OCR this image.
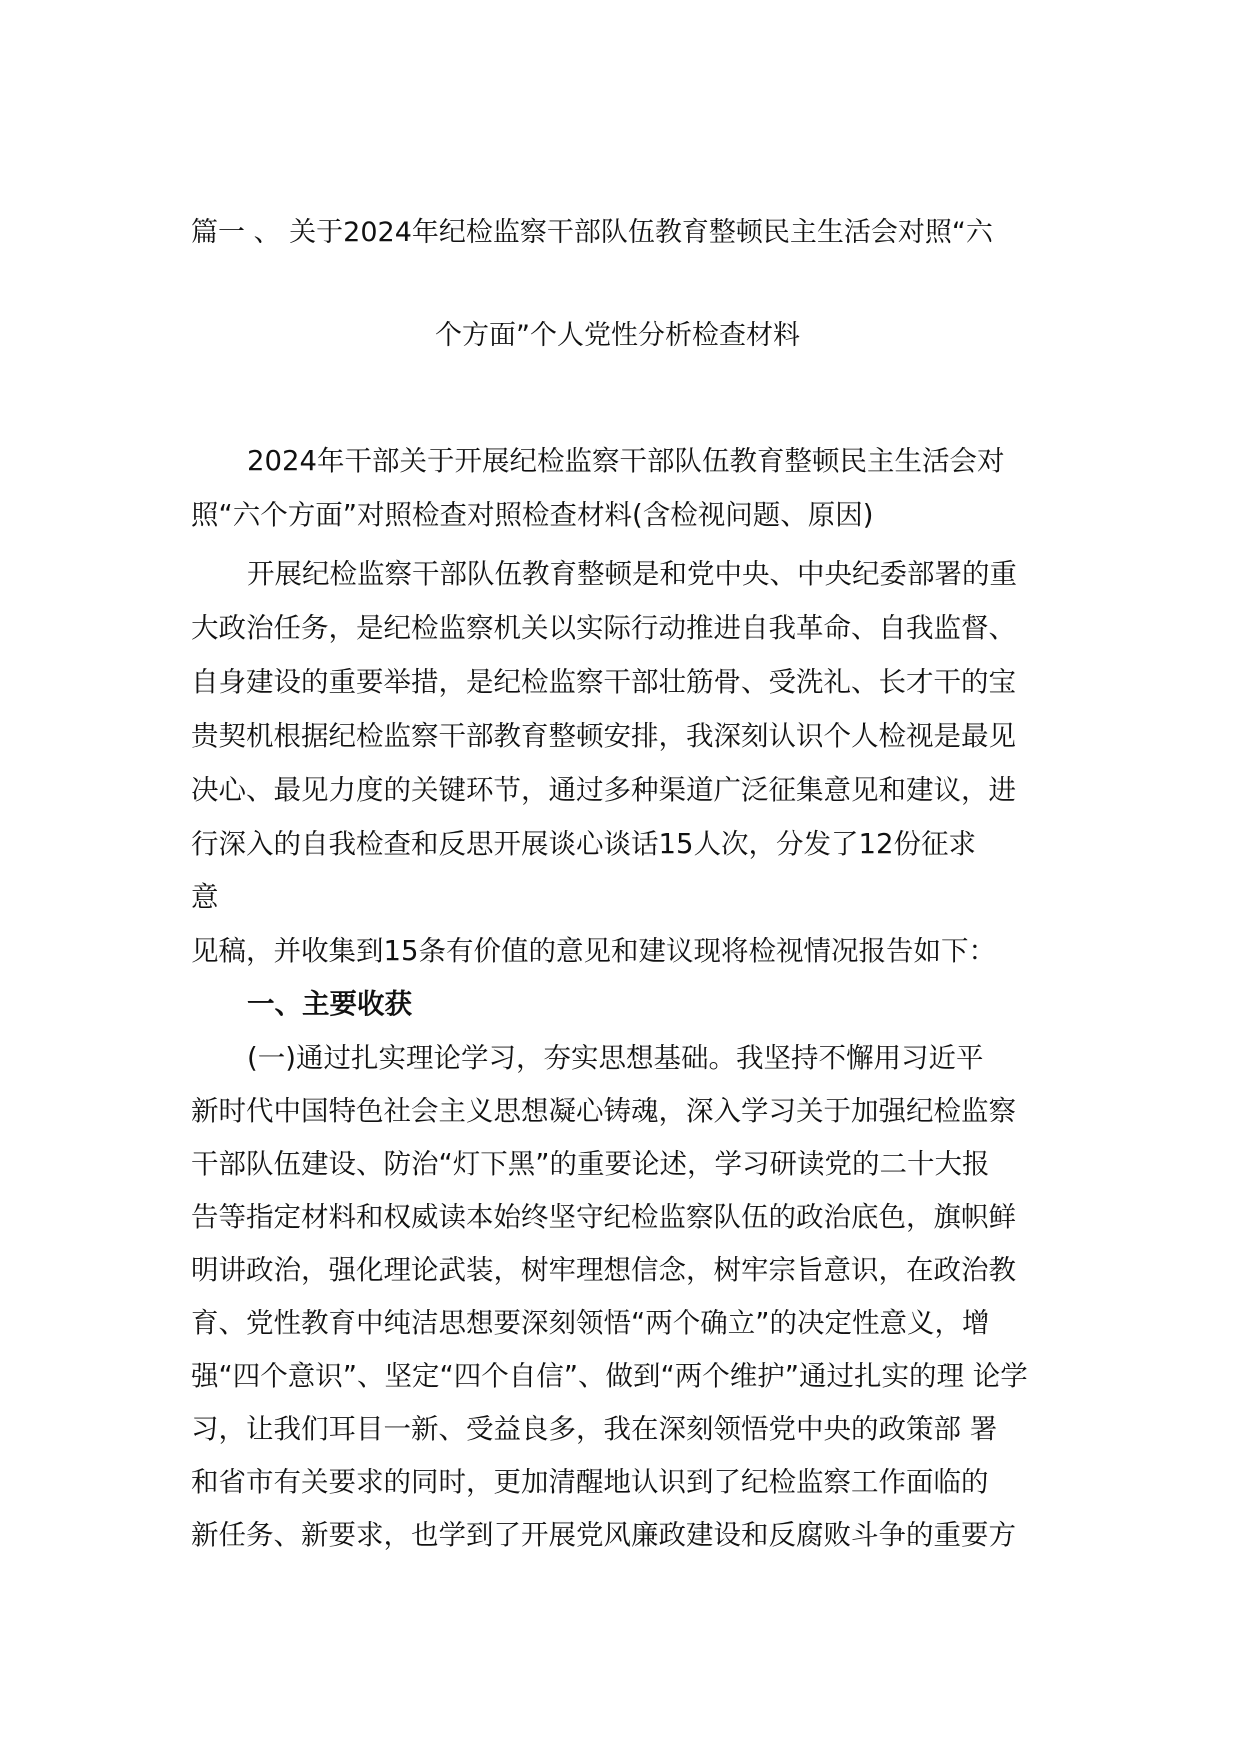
篇一 、 关于2024年纪检监察干部队伍教育整顿民主生活会对照“六
个方面”个人党性分析检查材料
2024年干部关于开展纪检监察干部队伍教育整顿民主生活会对
照“六个方面”对照检查对照检查材料(含检视问题、原因)
开展纪检监察干部队伍教育整顿是和党中央、中央纪委部署的重
大政治任务，是纪检监察机关以实际行动推进自我革命、自我监督、
自身建设的重要举措，是纪检监察干部壮筋骨、受洗礼、长才干的宝
贵契机根据纪检监察干部教育整顿安排，我深刻认识个人检视是最见
决心、最见力度的关键环节，通过多种渠道广泛征集意见和建议，进
行深入的自我检查和反思开展谈心谈话15人次，分发了12份征求
意
见稿，并收集到15条有价值的意见和建议现将检视情况报告如下：
一、主要收获
(一)通过扎实理论学习，夯实思想基础。我坚持不懈用习近平
新时代中国特色社会主义思想凝心铸魂，深入学习关于加强纪检监察
干部队伍建设、防治“灯下黑”的重要论述，学习研读党的二十大报
告等指定材料和权威读本始终坚守纪检监察队伍的政治底色，旗帜鲜
明讲政治，强化理论武装，树牢理想信念，树牢宗旨意识，在政治教
育、党性教育中纯洁思想要深刻领悟“两个确立”的决定性意义，增
强“四个意识”、坚定“四个自信”、做到“两个维护”通过扎实的理 论学
习，让我们耳目一新、受益良多，我在深刻领悟党中央的政策部 署
和省市有关要求的同时，更加清醒地认识到了纪检监察工作面临的
新任务、新要求，也学到了开展党风廉政建设和反腐败斗争的重要方
